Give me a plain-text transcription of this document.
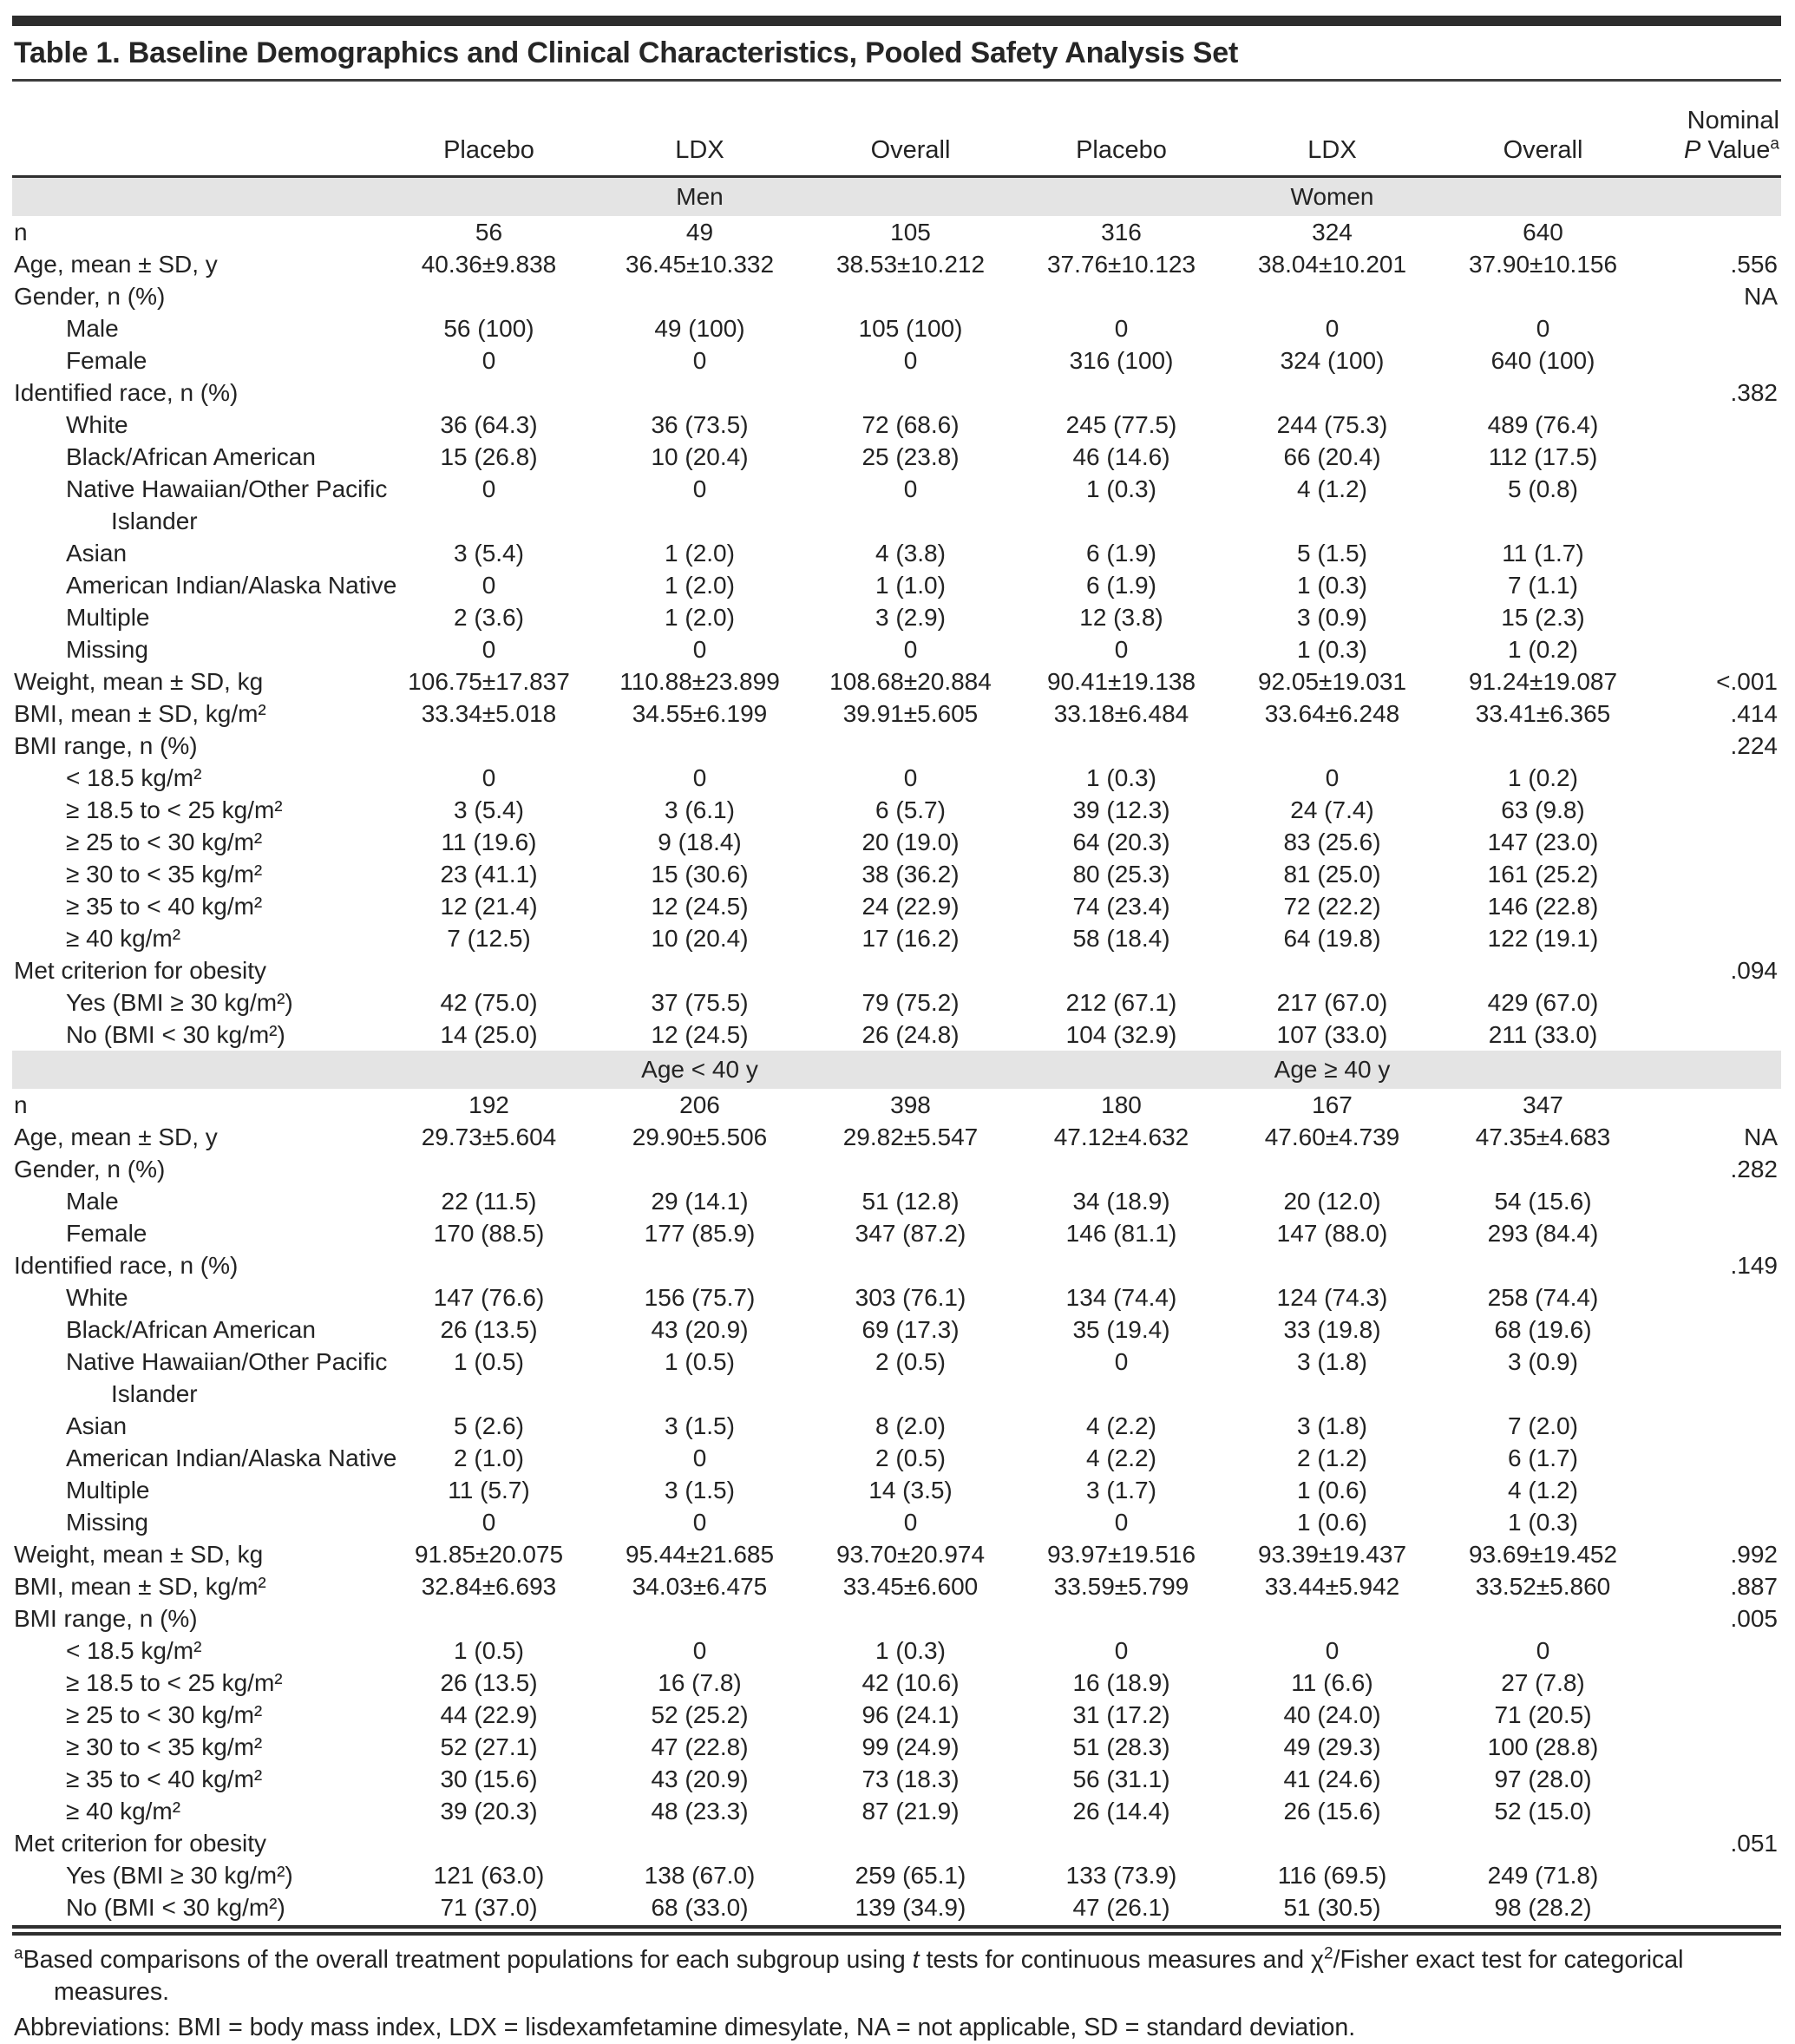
Table 1. Baseline Demographics and Clinical Characteristics, Pooled Safety Analysis Set
	Placebo	LDX	Overall	Placebo	LDX	Overall	Nominal
P Value$^a$

	Men			Women			

n	56	49	105	316	324	640	

Age, mean ± SD, y	40.36±9.838	36.45±10.332	38.53±10.212	37.76±10.123	38.04±10.201	37.90±10.156	.556

Gender, n (%)							NA

Male	56 (100)	49 (100)	105 (100)	0	0	0	

Female	0	0	0	316 (100)	324 (100)	640 (100)	

Identified race, n (%)							.382

White	36 (64.3)	36 (73.5)	72 (68.6)	245 (77.5)	244 (75.3)	489 (76.4)	

Black/African American	15 (26.8)	10 (20.4)	25 (23.8)	46 (14.6)	66 (20.4)	112 (17.5)	

Native Hawaiian/Other Pacific
Islander	0	0	0	1 (0.3)	4 (1.2)	5 (0.8)	

Asian	3 (5.4)	1 (2.0)	4 (3.8)	6 (1.9)	5 (1.5)	11 (1.7)	

American Indian/Alaska Native	0	1 (2.0)	1 (1.0)	6 (1.9)	1 (0.3)	7 (1.1)	

Multiple	2 (3.6)	1 (2.0)	3 (2.9)	12 (3.8)	3 (0.9)	15 (2.3)	

Missing	0	0	0	0	1 (0.3)	1 (0.2)	

Weight, mean ± SD, kg	106.75±17.837	110.88±23.899	108.68±20.884	90.41±19.138	92.05±19.031	91.24±19.087	<.001

BMI, mean ± SD, kg/m²	33.34±5.018	34.55±6.199	39.91±5.605	33.18±6.484	33.64±6.248	33.41±6.365	.414

BMI range, n (%)							.224

< 18.5 kg/m²	0	0	0	1 (0.3)	0	1 (0.2)	

≥ 18.5 to < 25 kg/m²	3 (5.4)	3 (6.1)	6 (5.7)	39 (12.3)	24 (7.4)	63 (9.8)	

≥ 25 to < 30 kg/m²	11 (19.6)	9 (18.4)	20 (19.0)	64 (20.3)	83 (25.6)	147 (23.0)	

≥ 30 to < 35 kg/m²	23 (41.1)	15 (30.6)	38 (36.2)	80 (25.3)	81 (25.0)	161 (25.2)	

≥ 35 to < 40 kg/m²	12 (21.4)	12 (24.5)	24 (22.9)	74 (23.4)	72 (22.2)	146 (22.8)	

≥ 40 kg/m²	7 (12.5)	10 (20.4)	17 (16.2)	58 (18.4)	64 (19.8)	122 (19.1)	

Met criterion for obesity							.094

Yes (BMI ≥ 30 kg/m²)	42 (75.0)	37 (75.5)	79 (75.2)	212 (67.1)	217 (67.0)	429 (67.0)	

No (BMI < 30 kg/m²)	14 (25.0)	12 (24.5)	26 (24.8)	104 (32.9)	107 (33.0)	211 (33.0)	
	Age < 40 y			Age ≥ 40 y			

n	192	206	398	180	167	347	

Age, mean ± SD, y	29.73±5.604	29.90±5.506	29.82±5.547	47.12±4.632	47.60±4.739	47.35±4.683	NA

Gender, n (%)							.282

Male	22 (11.5)	29 (14.1)	51 (12.8)	34 (18.9)	20 (12.0)	54 (15.6)	

Female	170 (88.5)	177 (85.9)	347 (87.2)	146 (81.1)	147 (88.0)	293 (84.4)	

Identified race, n (%)							.149

White	147 (76.6)	156 (75.7)	303 (76.1)	134 (74.4)	124 (74.3)	258 (74.4)	

Black/African American	26 (13.5)	43 (20.9)	69 (17.3)	35 (19.4)	33 (19.8)	68 (19.6)	

Native Hawaiian/Other Pacific
Islander	1 (0.5)	1 (0.5)	2 (0.5)	0	3 (1.8)	3 (0.9)	

Asian	5 (2.6)	3 (1.5)	8 (2.0)	4 (2.2)	3 (1.8)	7 (2.0)	

American Indian/Alaska Native	2 (1.0)	0	2 (0.5)	4 (2.2)	2 (1.2)	6 (1.7)	

Multiple	11 (5.7)	3 (1.5)	14 (3.5)	3 (1.7)	1 (0.6)	4 (1.2)	

Missing	0	0	0	0	1 (0.6)	1 (0.3)	

Weight, mean ± SD, kg	91.85±20.075	95.44±21.685	93.70±20.974	93.97±19.516	93.39±19.437	93.69±19.452	.992

BMI, mean ± SD, kg/m²	32.84±6.693	34.03±6.475	33.45±6.600	33.59±5.799	33.44±5.942	33.52±5.860	.887

BMI range, n (%)							.005

< 18.5 kg/m²	1 (0.5)	0	1 (0.3)	0	0	0	

≥ 18.5 to < 25 kg/m²	26 (13.5)	16 (7.8)	42 (10.6)	16 (18.9)	11 (6.6)	27 (7.8)	

≥ 25 to < 30 kg/m²	44 (22.9)	52 (25.2)	96 (24.1)	31 (17.2)	40 (24.0)	71 (20.5)	

≥ 30 to < 35 kg/m²	52 (27.1)	47 (22.8)	99 (24.9)	51 (28.3)	49 (29.3)	100 (28.8)	

≥ 35 to < 40 kg/m²	30 (15.6)	43 (20.9)	73 (18.3)	56 (31.1)	41 (24.6)	97 (28.0)	

≥ 40 kg/m²	39 (20.3)	48 (23.3)	87 (21.9)	26 (14.4)	26 (15.6)	52 (15.0)	

Met criterion for obesity							.051

Yes (BMI ≥ 30 kg/m²)	121 (63.0)	138 (67.0)	259 (65.1)	133 (73.9)	116 (69.5)	249 (71.8)	

No (BMI < 30 kg/m²)	71 (37.0)	68 (33.0)	139 (34.9)	47 (26.1)	51 (30.5)	98 (28.2)	

$^a$Based comparisons of the overall treatment populations for each subgroup using t tests for continuous measures and $\chi^2$/Fisher exact test for categorical measures.

Abbreviations: BMI = body mass index, LDX = lisdexamfetamine dimesylate, NA = not applicable, SD = standard deviation.
